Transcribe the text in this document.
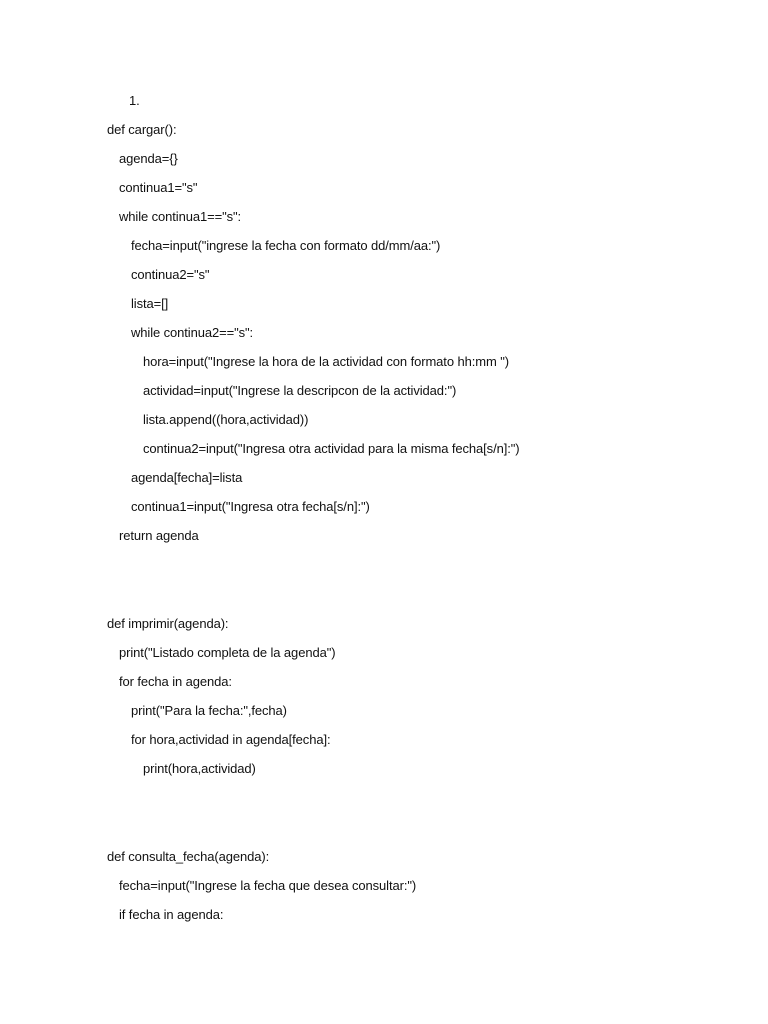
1.
def cargar():
agenda={}
continua1="s"
while continua1=="s":
fecha=input("ingrese la fecha con formato dd/mm/aa:")
continua2="s"
lista=[]
while continua2=="s":
hora=input("Ingrese la hora de la actividad con formato hh:mm ")
actividad=input("Ingrese la descripcon de la actividad:")
lista.append((hora,actividad))
continua2=input("Ingresa otra actividad para la misma fecha[s/n]:")
agenda[fecha]=lista
continua1=input("Ingresa otra fecha[s/n]:")
return agenda
def imprimir(agenda):
print("Listado completa de la agenda")
for fecha in agenda:
print("Para la fecha:",fecha)
for hora,actividad in agenda[fecha]:
print(hora,actividad)
def consulta_fecha(agenda):
fecha=input("Ingrese la fecha que desea consultar:")
if fecha in agenda:
